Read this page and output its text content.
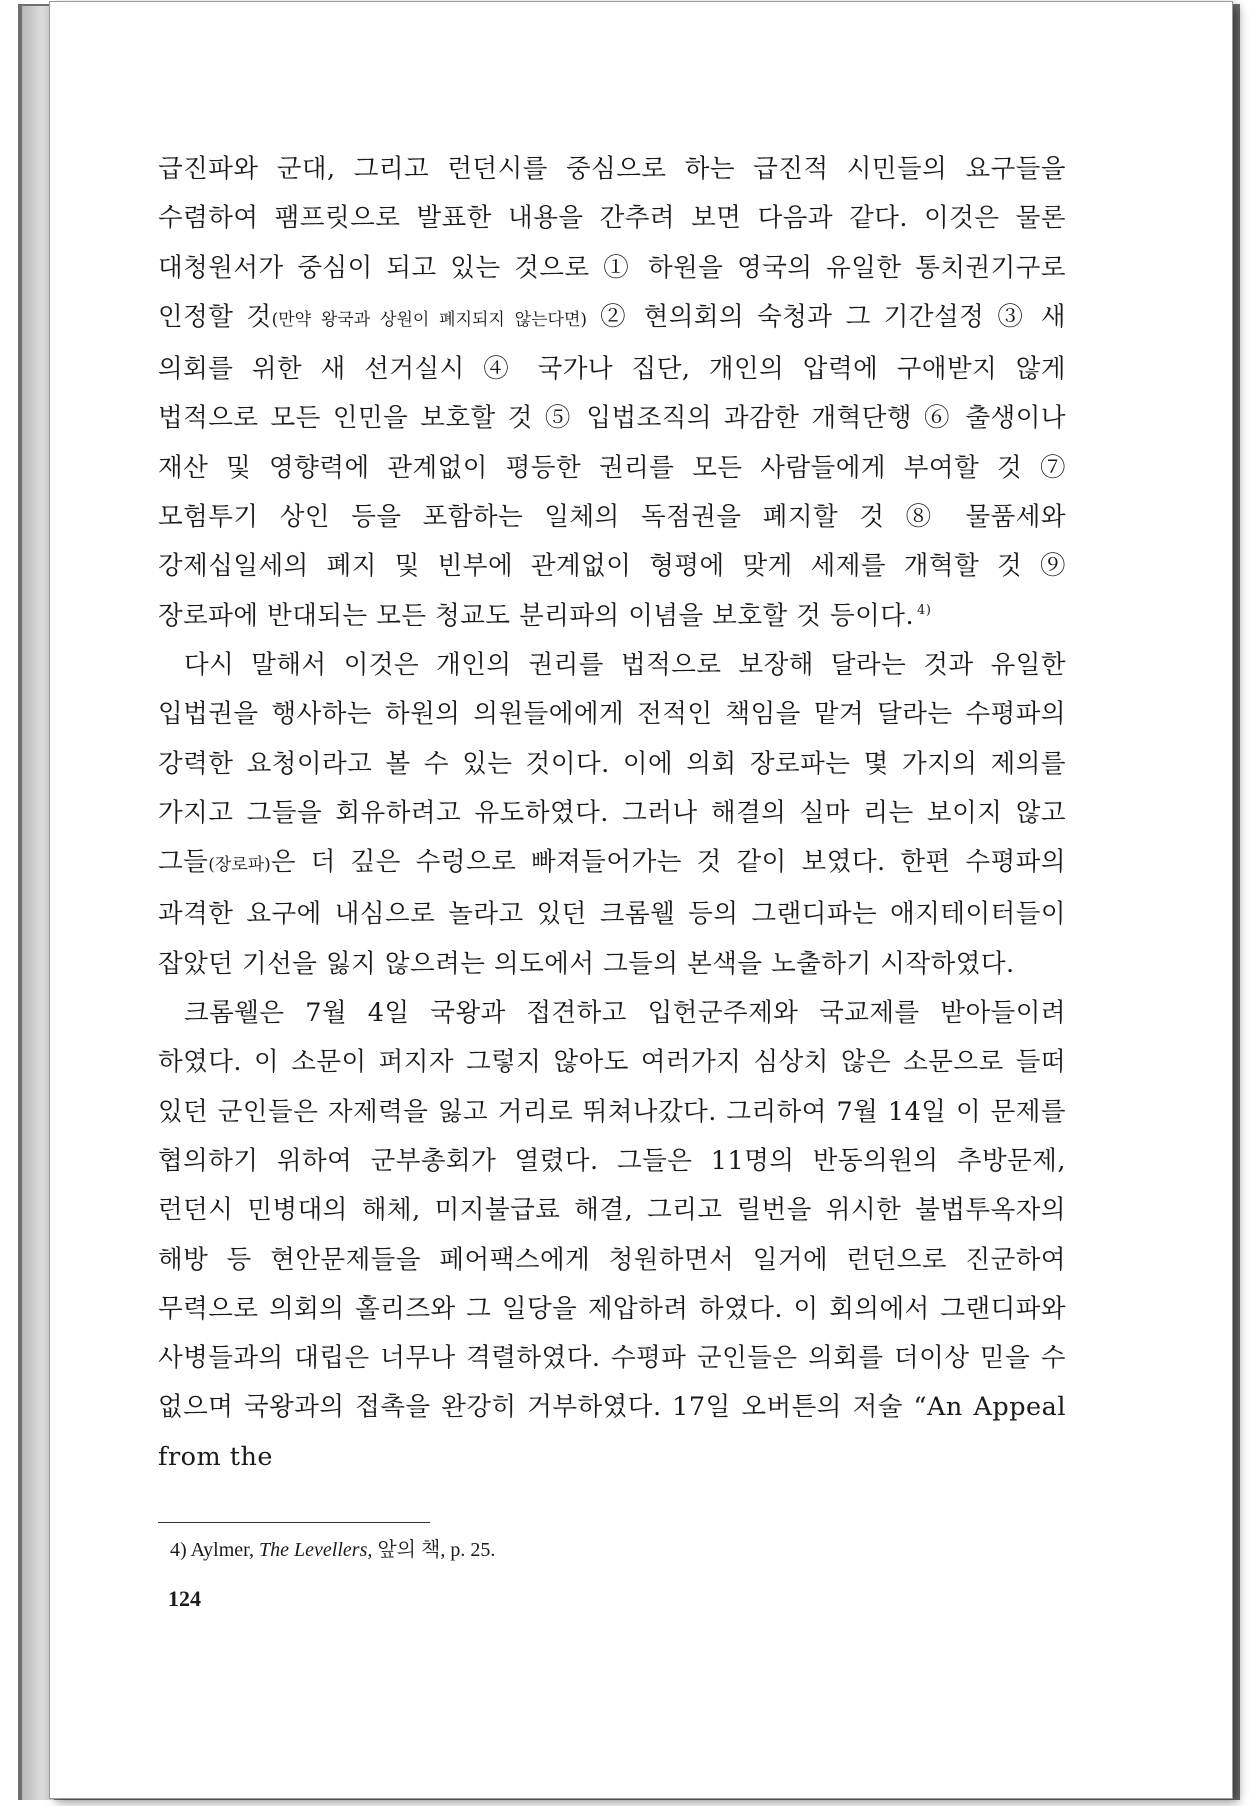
급진파와 군대, 그리고 런던시를 중심으로 하는 급진적 시민들의 요구들을 수렴하여 팸프릿으로 발표한 내용을 간추려 보면 다음과 같다. 이것은 물론 대청원서가 중심이 되고 있는 것으로 ① 하원을 영국의 유일한 통치권기구로 인정할 것(만약 왕국과 상원이 폐지되지 않는다면) ② 현의회의 숙청과 그 기간설정 ③ 새 의회를 위한 새 선거실시 ④ 국가나 집단, 개인의 압력에 구애받지 않게 법적으로 모든 인민을 보호할 것 ⑤ 입법조직의 과감한 개혁단행 ⑥ 출생이나 재산 및 영향력에 관계없이 평등한 권리를 모든 사람들에게 부여할 것 ⑦ 모험투기 상인 등을 포함하는 일체의 독점권을 폐지할 것 ⑧ 물품세와 강제십일세의 폐지 및 빈부에 관계없이 형평에 맞게 세제를 개혁할 것 ⑨ 장로파에 반대되는 모든 청교도 분리파의 이념을 보호할 것 등이다. $^{4)}$

다시 말해서 이것은 개인의 권리를 법적으로 보장해 달라는 것과 유일한 입법권을 행사하는 하원의 의원들에에게 전적인 책임을 맡겨 달라는 수평파의 강력한 요청이라고 볼 수 있는 것이다. 이에 의회 장로파는 몇 가지의 제의를 가지고 그들을 회유하려고 유도하였다. 그러나 해결의 실마 리는 보이지 않고 그들(장로파)은 더 깊은 수렁으로 빠져들어가는 것 같이 보였다. 한편 수평파의 과격한 요구에 내심으로 놀라고 있던 크롬웰 등의 그랜디파는 애지테이터들이 잡았던 기선을 잃지 않으려는 의도에서 그들의 본색을 노출하기 시작하였다.

크롬웰은 7월 4일 국왕과 접견하고 입헌군주제와 국교제를 받아들이려 하였다. 이 소문이 퍼지자 그렇지 않아도 여러가지 심상치 않은 소문으로 들떠 있던 군인들은 자제력을 잃고 거리로 뛰쳐나갔다. 그리하여 7월 14일 이 문제를 협의하기 위하여 군부총회가 열렸다. 그들은 11명의 반동의원의 추방문제, 런던시 민병대의 해체, 미지불급료 해결, 그리고 릴번을 위시한 불법투옥자의 해방 등 현안문제들을 페어팩스에게 청원하면서 일거에 런던으로 진군하여 무력으로 의회의 홀리즈와 그 일당을 제압하려 하였다. 이 회의에서 그랜디파와 사병들과의 대립은 너무나 격렬하였다. 수평파 군인들은 의회를 더이상 믿을 수 없으며 국왕과의 접촉을 완강히 거부하였다. 17일 오버튼의 저술 “An Appeal from the

4) Aylmer, The Levellers, 앞의 책, p. 25.
124
